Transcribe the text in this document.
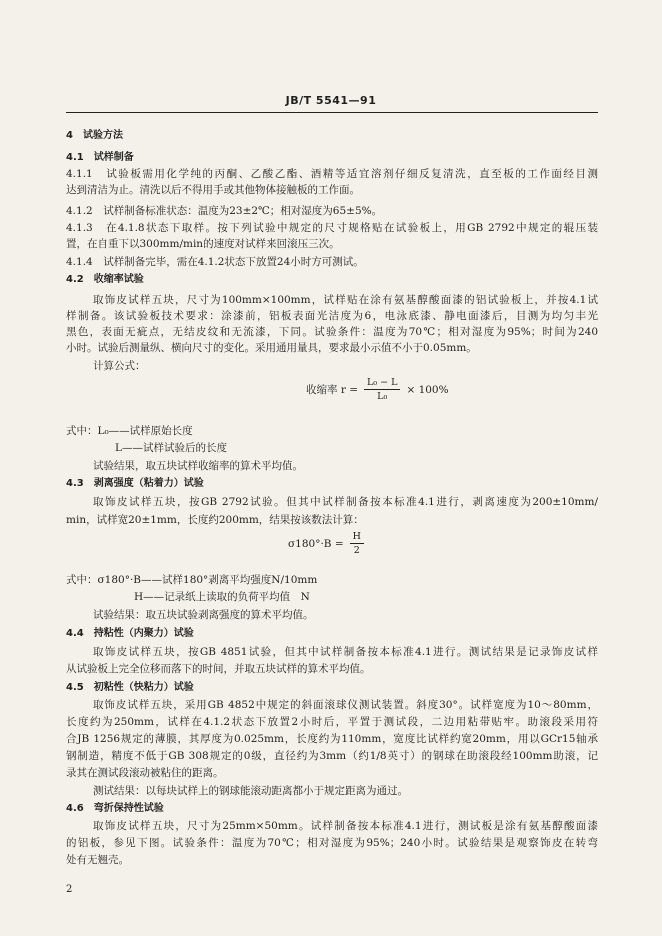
JB/T 5541—91
4　试验方法
4.1　试样制备
4.1.1　试验板需用化学纯的丙酮、乙酸乙酯、酒精等适宜溶剂仔细反复清洗，直至板的工作面经目测
达到清洁为止。清洗以后不得用手或其他物体接触板的工作面。
4.1.2　试样制备标准状态：温度为23±2℃；相对湿度为65±5%。
4.1.3　在4.1.8状态下取样。按下列试验中规定的尺寸规格贴在试验板上，用GB 2792中规定的辊压装
置，在自重下以300mm/min的速度对试样来回滚压三次。
4.1.4　试样制备完毕，需在4.1.2状态下放置24小时方可测试。
4.2　收缩率试验
取饰皮试样五块，尺寸为100mm×100mm，试样贴在涂有氨基醇酸面漆的铝试验板上，并按4.1试
样制备。该试验板技术要求：涂漆前，铝板表面光洁度为6，电泳底漆、静电面漆后，目测为均匀丰光
黑色，表面无疵点，无结皮纹和无流漆，下同。试验条件：温度为70℃；相对湿度为95%；时间为240
小时。试验后测量纵、横向尺寸的变化。采用通用量具，要求最小示值不小于0.05mm。
计算公式：
收缩率 $r = \frac{\text{L₀ − L}}{\text{L₀}} \times 100\%$
式中：L₀——试样原始长度
L——试样试验后的长度
试验结果，取五块试样收缩率的算术平均值。
4.3　剥离强度（粘着力）试验
取饰皮试样五块，按GB 2792试验。但其中试样制备按本标准4.1进行，剥离速度为200±10mm/
min，试样宽20±1mm，长度约200mm，结果按该数法计算：
$\sigma 180^\circ\cdot B = \frac{H}{2}$
式中：σ180°·B——试样180°剥离平均强度N/10mm
H——记录纸上读取的负荷平均值　N
试验结果：取五块试验剥离强度的算术平均值。
4.4　持粘性（内聚力）试验
取饰皮试样五块，按GB 4851试验，但其中试样制备按本标准4.1进行。测试结果是记录饰皮试样
从试验板上完全位移而落下的时间，并取五块试样的算术平均值。
4.5　初粘性（快粘力）试验
取饰皮试样五块，采用GB 4852中规定的斜面滚球仪测试装置。斜度30°。试样宽度为10～80mm，
长度约为250mm，试样在4.1.2状态下放置2小时后，平置于测试段，二边用粘带贴牢。助滚段采用符
合JB 1256规定的薄膜，其厚度为0.025mm，长度约为110mm，宽度比试样约宽20mm，用以GCr15轴承
钢制造，精度不低于GB 308规定的0级，直径约为3mm（约1/8英寸）的钢球在助滚段经100mm助滚，记
录其在测试段滚动被粘住的距离。
测试结果：以每块试样上的钢球能滚动距离都小于规定距离为通过。
4.6　弯折保持性试验
取饰皮试样五块，尺寸为25mm×50mm。试样制备按本标准4.1进行，测试板是涂有氨基醇酸面漆
的铝板，参见下图。试验条件：温度为70℃；相对湿度为95%；240小时。试验结果是观察饰皮在转弯
处有无翘壳。
2
